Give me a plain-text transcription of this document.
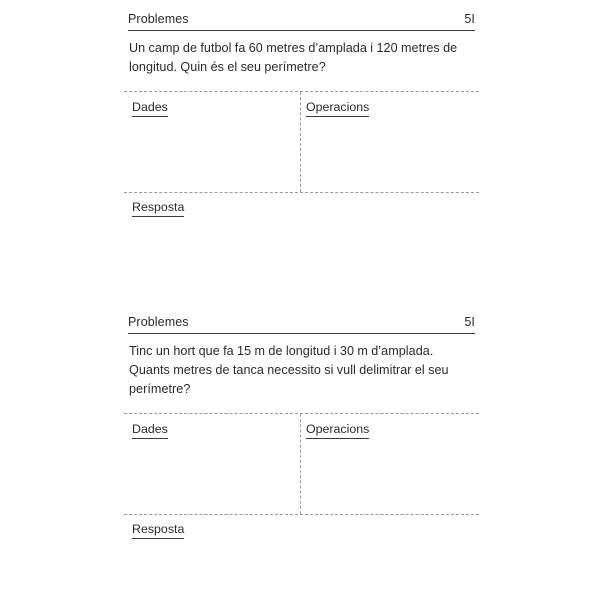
Problemes	5I
Un camp de futbol fa 60 metres d’amplada i 120 metres de longitud. Quin és el seu perímetre?
Dades	Operacions
Resposta
Problemes	5I
Tinc un hort que fa 15 m de longitud i 30 m d’amplada. Quants metres de tanca necessito si vull delimitrar el seu perímetre?
Dades	Operacions
Resposta
